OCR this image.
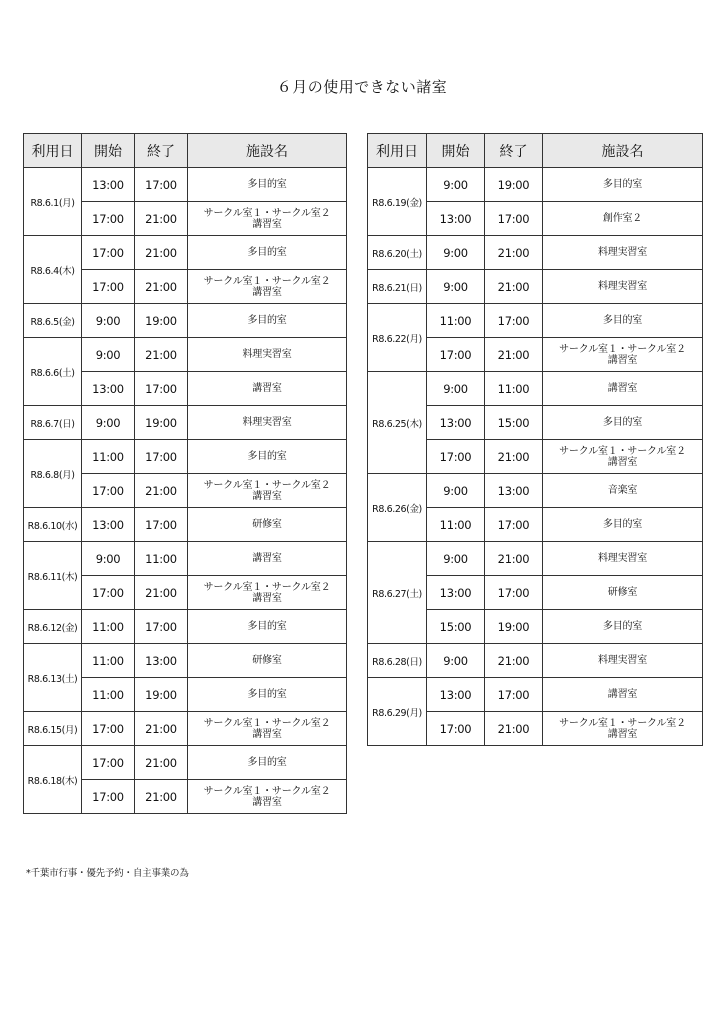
６月の使用できない諸室
利用日	開始	終了	施設名
R8.6.1(月)	13:00	17:00	多目的室
	17:00	21:00	サークル室１・サークル室２
講習室
R8.6.4(木)	17:00	21:00	多目的室
	17:00	21:00	サークル室１・サークル室２
講習室
R8.6.5(金)	9:00	19:00	多目的室
R8.6.6(土)	9:00	21:00	料理実習室
	13:00	17:00	講習室
R8.6.7(日)	9:00	19:00	料理実習室
R8.6.8(月)	11:00	17:00	多目的室
	17:00	21:00	サークル室１・サークル室２
講習室
R8.6.10(水)	13:00	17:00	研修室
R8.6.11(木)	9:00	11:00	講習室
	17:00	21:00	サークル室１・サークル室２
講習室
R8.6.12(金)	11:00	17:00	多目的室
R8.6.13(土)	11:00	13:00	研修室
	11:00	19:00	多目的室
R8.6.15(月)	17:00	21:00	サークル室１・サークル室２
講習室
R8.6.18(木)	17:00	21:00	多目的室
	17:00	21:00	サークル室１・サークル室２
講習室
利用日	開始	終了	施設名
R8.6.19(金)	9:00	19:00	多目的室
	13:00	17:00	創作室２
R8.6.20(土)	9:00	21:00	料理実習室
R8.6.21(日)	9:00	21:00	料理実習室
R8.6.22(月)	11:00	17:00	多目的室
	17:00	21:00	サークル室１・サークル室２
講習室
R8.6.25(木)	9:00	11:00	講習室
	13:00	15:00	多目的室
	17:00	21:00	サークル室１・サークル室２
講習室
R8.6.26(金)	9:00	13:00	音楽室
	11:00	17:00	多目的室
R8.6.27(土)	9:00	21:00	料理実習室
	13:00	17:00	研修室
	15:00	19:00	多目的室
R8.6.28(日)	9:00	21:00	料理実習室
R8.6.29(月)	13:00	17:00	講習室
	17:00	21:00	サークル室１・サークル室２
講習室
*千葉市行事・優先予約・自主事業の為
